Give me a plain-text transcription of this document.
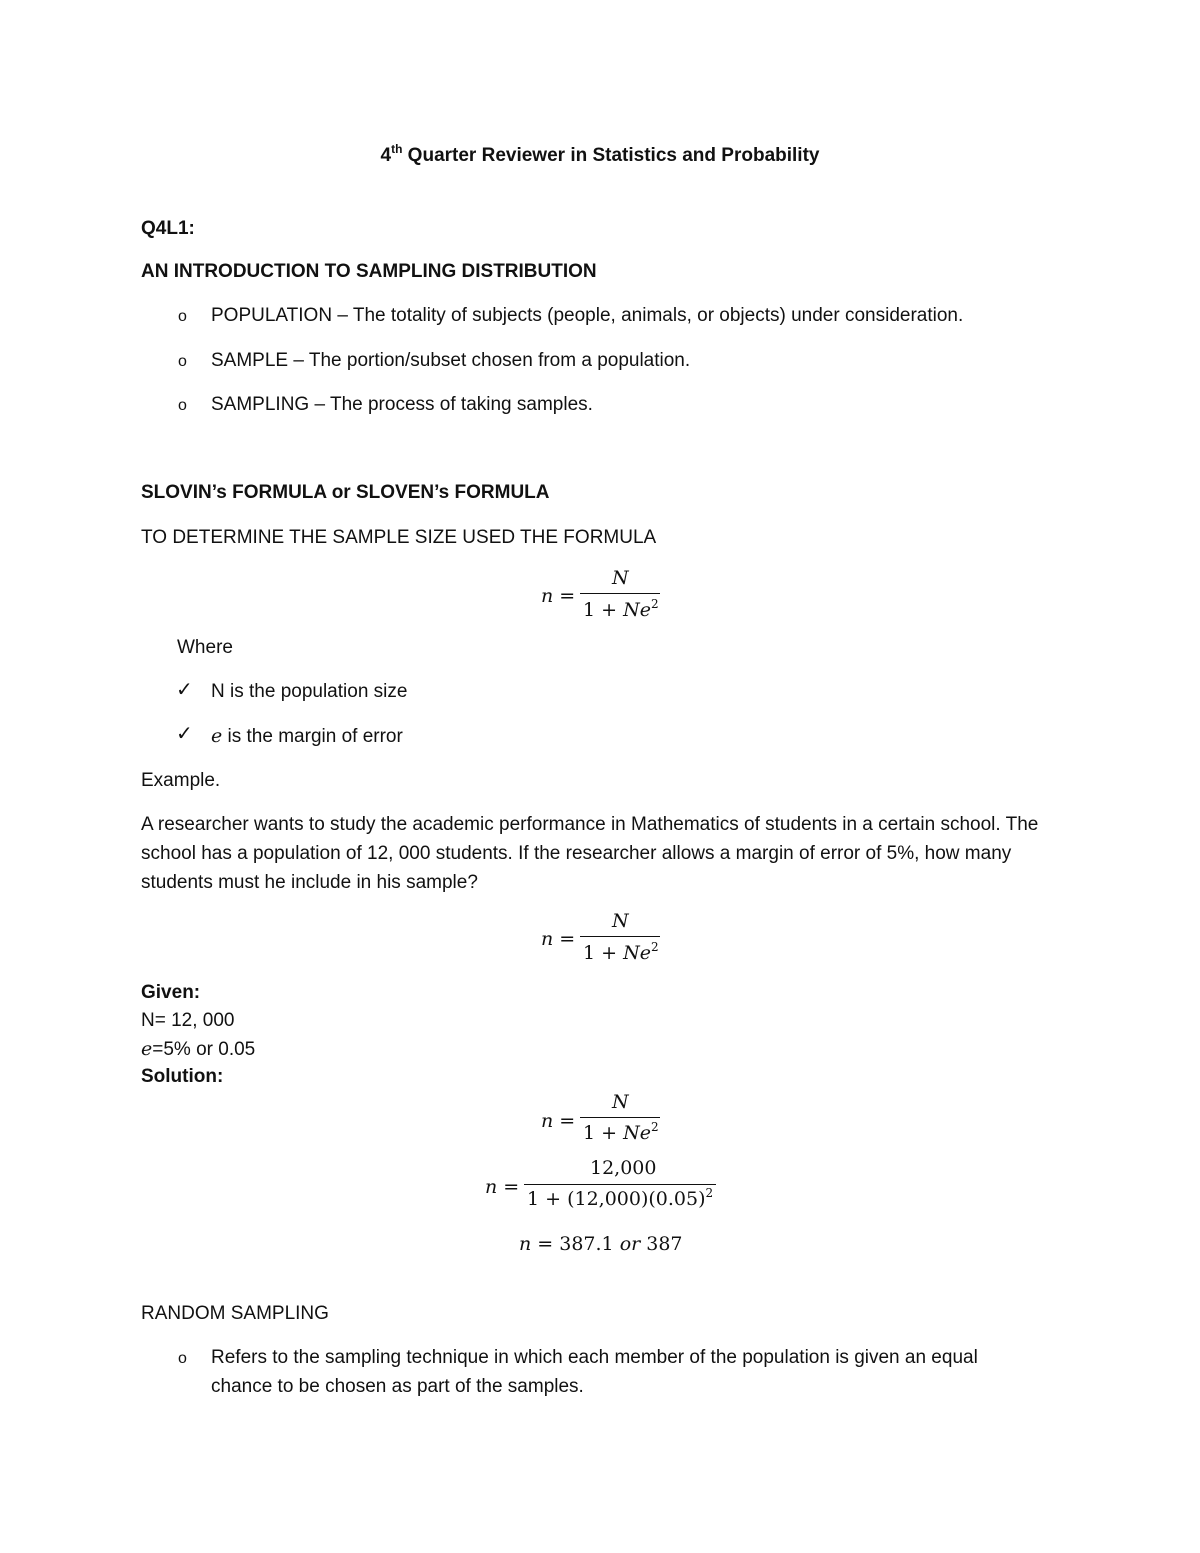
4th Quarter Reviewer in Statistics and Probability
Q4L1:
AN INTRODUCTION TO SAMPLING DISTRIBUTION
o POPULATION – The totality of subjects (people, animals, or objects) under consideration.
o SAMPLE – The portion/subset chosen from a population.
o SAMPLING – The process of taking samples.
SLOVIN’s FORMULA or SLOVEN’s FORMULA
TO DETERMINE THE SAMPLE SIZE USED THE FORMULA
n =
N
$1 + Ne^2$
Where
✓ N is the population size
✓ e is the margin of error
Example.
A researcher wants to study the academic performance in Mathematics of students in a certain school. The school has a population of 12, 000 students. If the researcher allows a margin of error of 5%, how many students must he include in his sample?
n =
N
$1 + Ne^2$
Given:
N= 12, 000
e=5% or 0.05
Solution:
n =
N
$1 + Ne^2$
n =
12,000
$1 + (12,000)(0.05)^2$
n = 387.1 or 387
RANDOM SAMPLING
o Refers to the sampling technique in which each member of the population is given an equal chance to be chosen as part of the samples.
